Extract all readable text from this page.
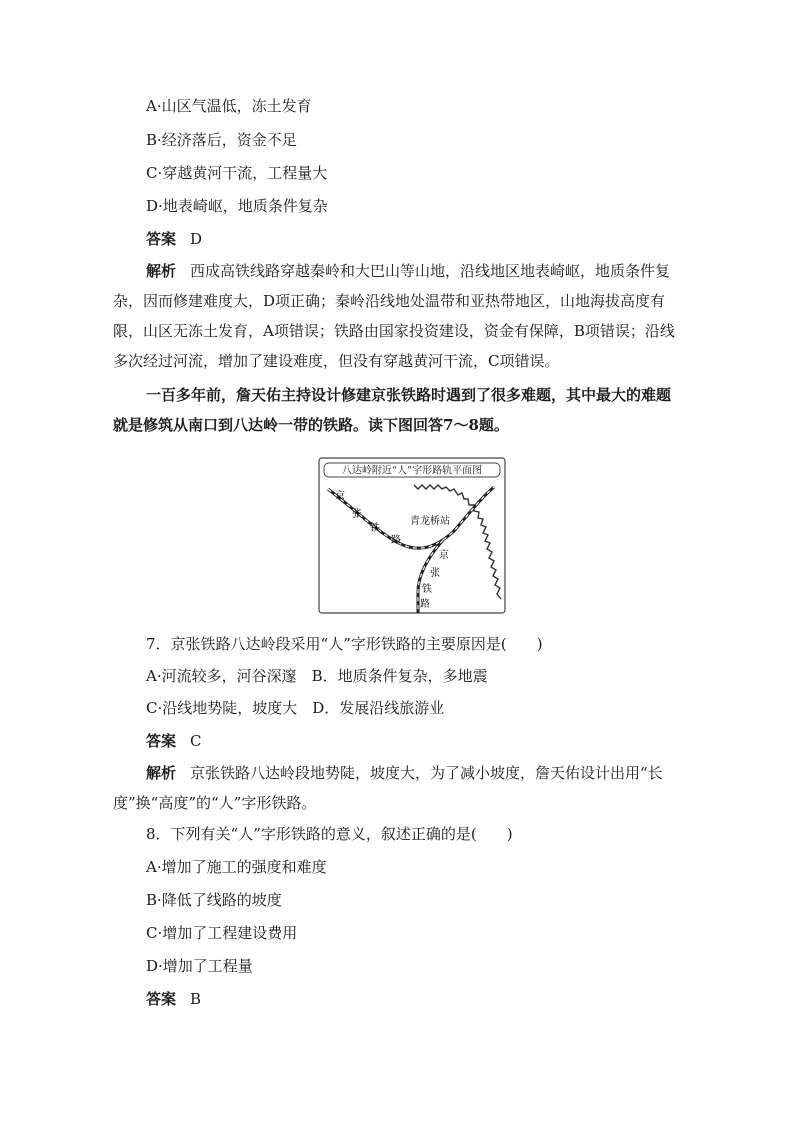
A·山区气温低，冻土发育
B·经济落后，资金不足
C·穿越黄河干流，工程量大
D·地表崎岖，地质条件复杂
答案 D
解析 西成高铁线路穿越秦岭和大巴山等山地，沿线地区地表崎岖，地质条件复杂，因而修建难度大，D项正确；秦岭沿线地处温带和亚热带地区，山地海拔高度有限，山区无冻土发育，A项错误；铁路由国家投资建设，资金有保障，B项错误；沿线多次经过河流，增加了建设难度，但没有穿越黄河干流，C项错误。
一百多年前，詹天佑主持设计修建京张铁路时遇到了很多难题，其中最大的难题就是修筑从南口到八达岭一带的铁路。读下图回答7～8题。
八达岭附近“人”字形路轨平面图
京
张
铁
路
青龙桥站
京
张
铁
路
7．京张铁路八达岭段采用“人”字形铁路的主要原因是(　　)
A·河流较多，河谷深邃　B．地质条件复杂，多地震
C·沿线地势陡，坡度大　D．发展沿线旅游业
答案 C
解析 京张铁路八达岭段地势陡，坡度大，为了减小坡度，詹天佑设计出用“长度”换“高度”的“人”字形铁路。
8．下列有关“人”字形铁路的意义，叙述正确的是(　　)
A·增加了施工的强度和难度
B·降低了线路的坡度
C·增加了工程建设费用
D·增加了工程量
答案 B
